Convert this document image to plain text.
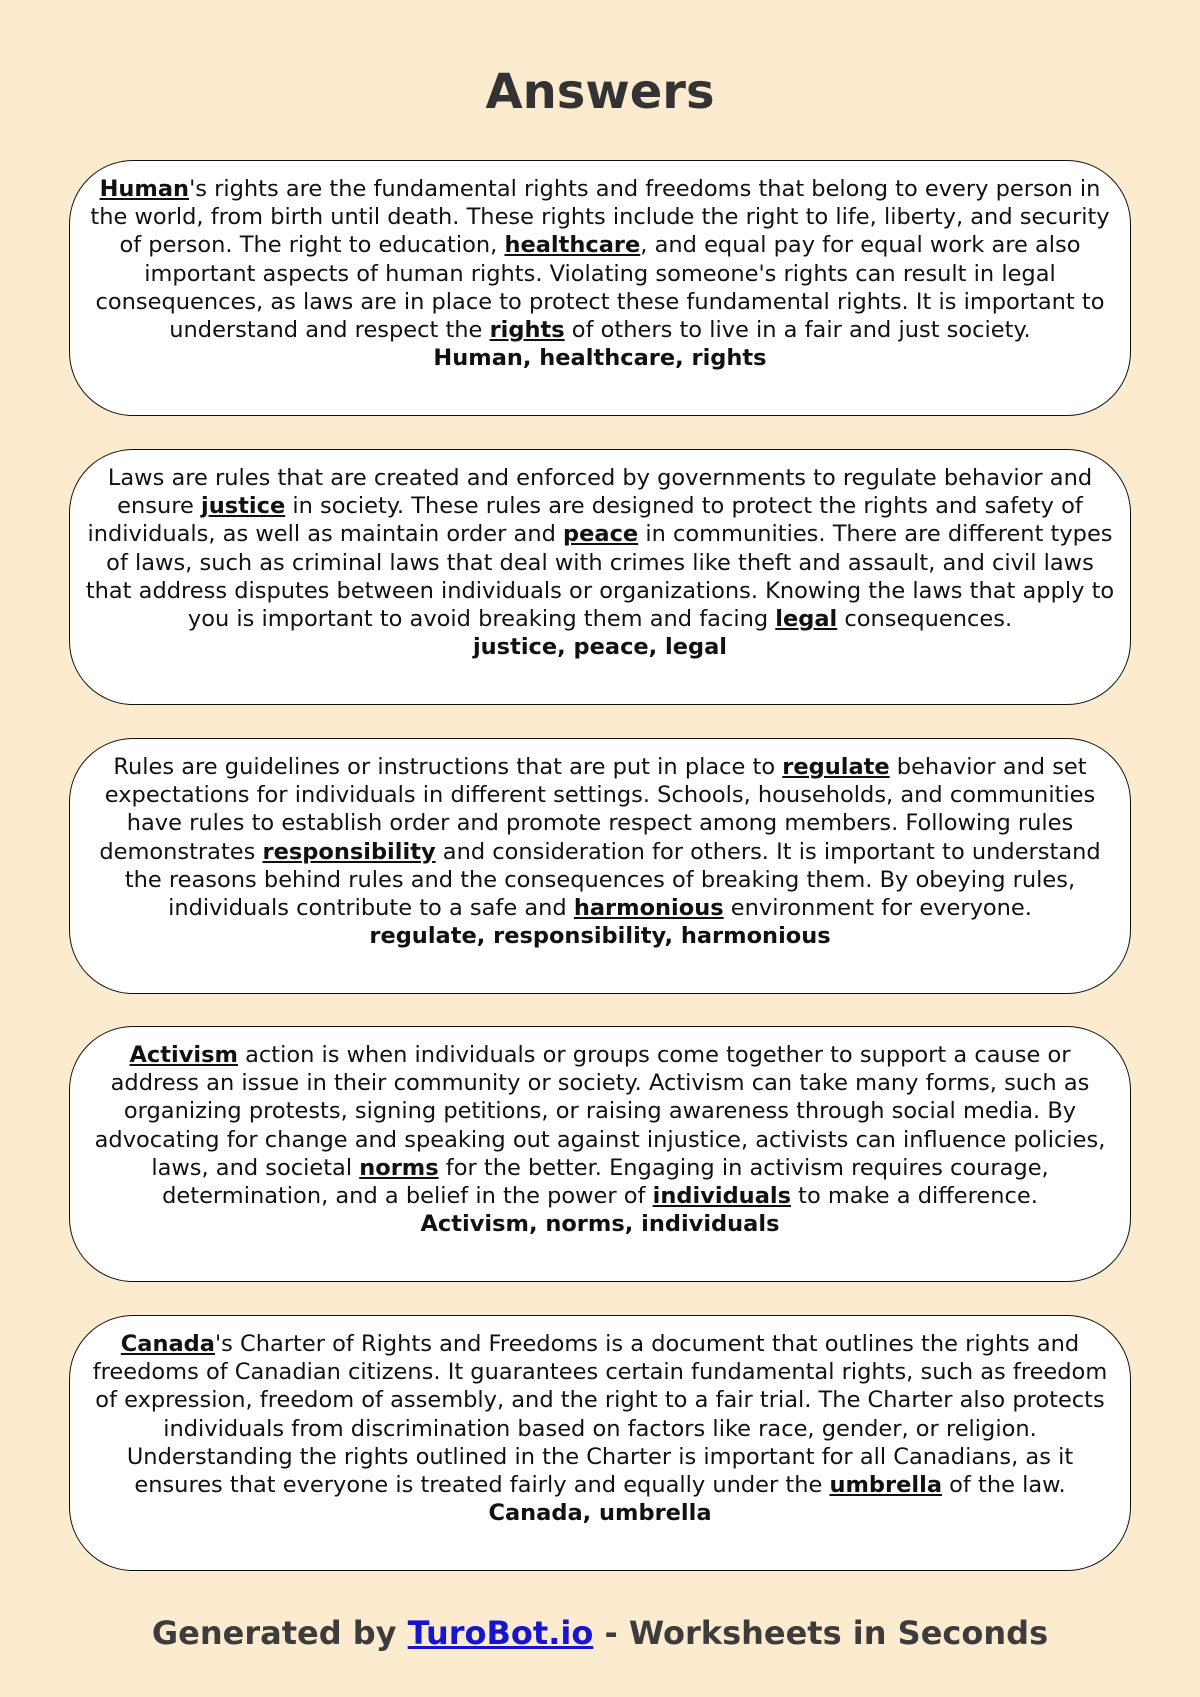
Answers
Human's rights are the fundamental rights and freedoms that belong to every person in the world, from birth until death. These rights include the right to life, liberty, and security of person. The right to education, healthcare, and equal pay for equal work are also important aspects of human rights. Violating someone's rights can result in legal consequences, as laws are in place to protect these fundamental rights. It is important to understand and respect the rights of others to live in a fair and just society.
Human, healthcare, rights
Laws are rules that are created and enforced by governments to regulate behavior and ensure justice in society. These rules are designed to protect the rights and safety of individuals, as well as maintain order and peace in communities. There are different types of laws, such as criminal laws that deal with crimes like theft and assault, and civil laws that address disputes between individuals or organizations. Knowing the laws that apply to you is important to avoid breaking them and facing legal consequences.
justice, peace, legal
Rules are guidelines or instructions that are put in place to regulate behavior and set expectations for individuals in different settings. Schools, households, and communities have rules to establish order and promote respect among members. Following rules demonstrates responsibility and consideration for others. It is important to understand the reasons behind rules and the consequences of breaking them. By obeying rules, individuals contribute to a safe and harmonious environment for everyone.
regulate, responsibility, harmonious
Activism action is when individuals or groups come together to support a cause or address an issue in their community or society. Activism can take many forms, such as organizing protests, signing petitions, or raising awareness through social media. By advocating for change and speaking out against injustice, activists can influence policies, laws, and societal norms for the better. Engaging in activism requires courage, determination, and a belief in the power of individuals to make a difference.
Activism, norms, individuals
Canada's Charter of Rights and Freedoms is a document that outlines the rights and freedoms of Canadian citizens. It guarantees certain fundamental rights, such as freedom of expression, freedom of assembly, and the right to a fair trial. The Charter also protects individuals from discrimination based on factors like race, gender, or religion. Understanding the rights outlined in the Charter is important for all Canadians, as it ensures that everyone is treated fairly and equally under the umbrella of the law.
Canada, umbrella
Generated by TuroBot.io - Worksheets in Seconds
